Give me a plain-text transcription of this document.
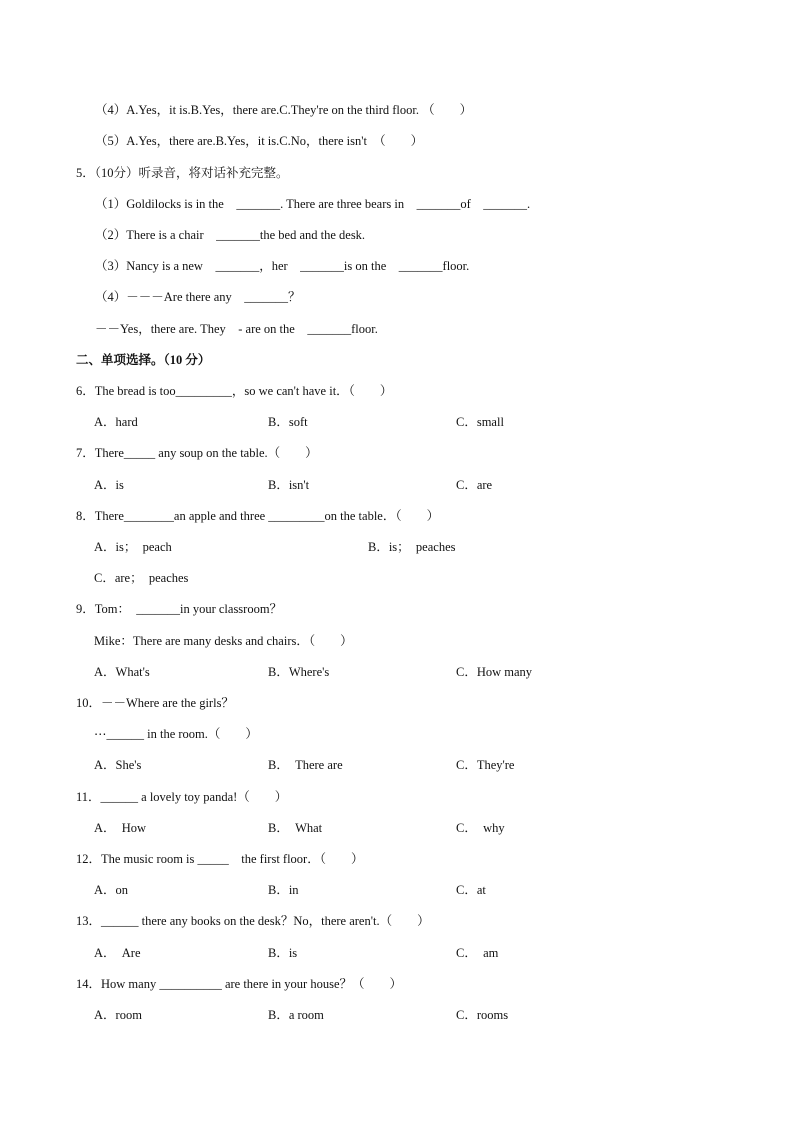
（4）A.Yes，it is.B.Yes，there are.C.They're on the third floor. （　　）
（5）A.Yes，there are.B.Yes，it is.C.No，there isn't　（　　）
5．（10分）听录音，将对话补充完整。
（1）Goldilocks is in the　_______. There are three bears in　_______of　_______.
（2）There is a chair　_______the bed and the desk.
（3）Nancy is a new　_______，her　_______is on the　_______floor.
（4）－－－Are there any　_______？
－－Yes，there are. They　- are on the　_______floor.
二、单项选择。（10 分）
6．The bread is too_________，so we can't have it．（　　）
A．hard	B．soft	C．small
7．There_____ any soup on the table.（　　）
A．is	B．isn't	C．are
8．There________an apple and three _________on the table．（　　）
A．is；　peach	B．is；　peaches
C．are；　peaches
9．Tom：　_______in your classroom？
Mike：There are many desks and chairs．（　　）
A．What's	B．Where's	C．How many
10．－－Where are the girls？
⋯______ in the room.（　　）
A．She's	B．　There are	C．They're
11．______ a lovely toy panda!（　　）
A．　How	B．　What	C．　why
12．The music room is _____　the first floor．（　　）
A．on	B．in	C．at
13．______ there any books on the desk？No，there aren't.（　　）
A．　Are	B．is	C．　am
14．How many __________ are there in your house？（　　）
A．room	B．a room	C．rooms
